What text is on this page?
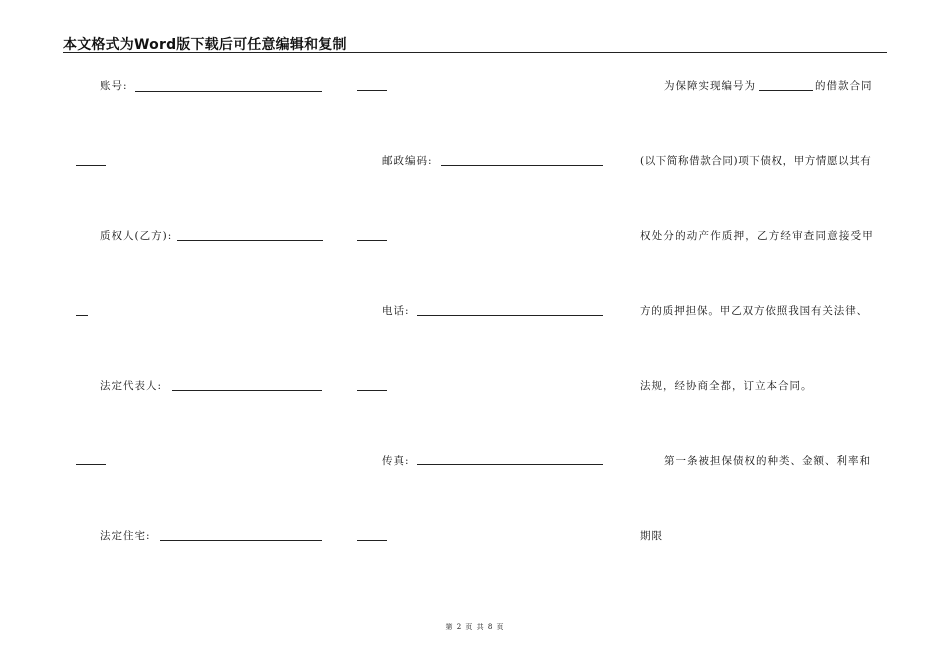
本文格式为Word版下载后可任意编辑和复制
账号:
质权人(乙方):
法定代表人:
法定住宅:
邮政编码:
电话:
传真:
为保障实现编号为	的借款合同
(以下简称借款合同)项下债权，甲方情愿以其有
权处分的动产作质押，乙方经审查同意接受甲
方的质押担保。甲乙双方依照我国有关法律、
法规，经协商全都，订立本合同。
第一条被担保债权的种类、金额、利率和
期限
第 2 页 共 8 页
